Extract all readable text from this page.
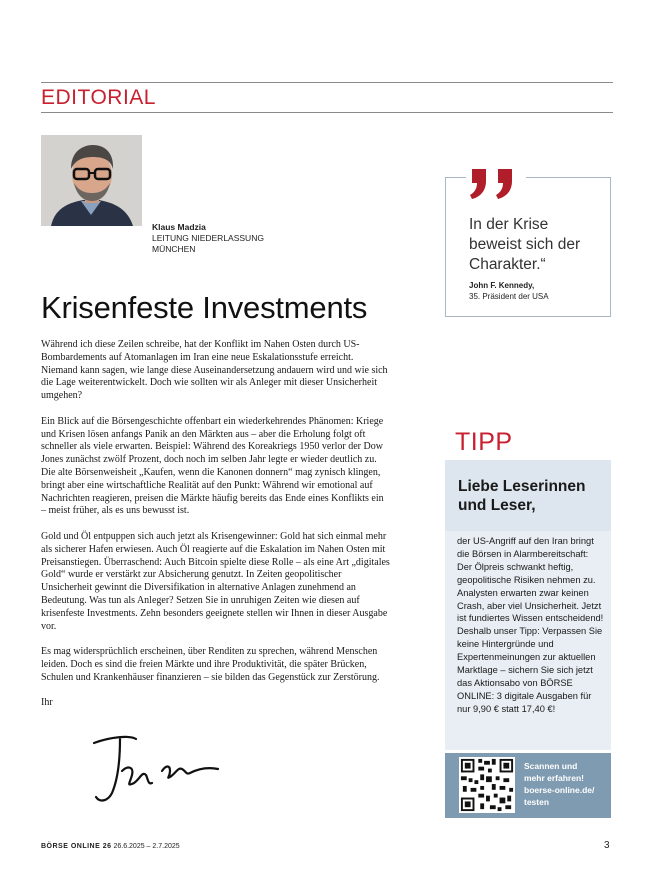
EDITORIAL
Klaus Madzia
LEITUNG NIEDERLASSUNG
MÜNCHEN
Krisenfeste Investments

Während ich diese Zeilen schreibe, hat der Konflikt im Nahen Osten durch US-Bombardements auf Atomanlagen im Iran eine neue Eskalationsstufe erreicht. Niemand kann sagen, wie lange diese Auseinandersetzung andauern wird und wie sich die Lage weiterentwickelt. Doch wie sollten wir als Anleger mit dieser Unsicherheit umgehen?

Ein Blick auf die Börsengeschichte offenbart ein wiederkehrendes Phänomen: Kriege und Krisen lösen anfangs Panik an den Märkten aus – aber die Erholung folgt oft schneller als viele erwarten. Beispiel: Während des Koreakriegs 1950 verlor der Dow Jones zunächst zwölf Prozent, doch noch im selben Jahr legte er wieder deutlich zu. Die alte Börsenweisheit „Kaufen, wenn die Kanonen donnern“ mag zynisch klingen, bringt aber eine wirtschaftliche Realität auf den Punkt: Während wir emotional auf Nachrichten reagieren, preisen die Märkte häufig bereits das Ende eines Konflikts ein – meist früher, als es uns bewusst ist.

Gold und Öl entpuppen sich auch jetzt als Krisengewinner: Gold hat sich einmal mehr als sicherer Hafen erwiesen. Auch Öl reagierte auf die Eskalation im Nahen Osten mit Preisanstiegen. Überraschend: Auch Bitcoin spielte diese Rolle – als eine Art „digitales Gold“ wurde er verstärkt zur Absicherung genutzt. In Zeiten geopolitischer Unsicherheit gewinnt die Diversifikation in alternative Anlagen zunehmend an Bedeutung. Was tun als Anleger? Setzen Sie in unruhigen Zeiten wie diesen auf krisenfeste Investments. Zehn besonders geeignete stellen wir Ihnen in dieser Ausgabe vor.

Es mag widersprüchlich erscheinen, über Renditen zu sprechen, während Menschen leiden. Doch es sind die freien Märkte und ihre Produktivität, die später Brücken, Schulen und Krankenhäuser finanzieren – sie bilden das Gegenstück zur Zerstörung.

Ihr

In der Krise beweist sich der Charakter.“
John F. Kennedy,
35. Präsident der USA
TIPP
Liebe Leserinnen und Leser,
der US-Angriff auf den Iran bringt die Börsen in Alarmbereitschaft: Der Ölpreis schwankt heftig, geopolitische Risiken nehmen zu. Analysten erwarten zwar keinen Crash, aber viel Unsicherheit. Jetzt ist fundiertes Wissen entscheidend! Deshalb unser Tipp: Verpassen Sie keine Hintergründe und Expertenmeinungen zur aktuellen Marktlage – sichern Sie sich jetzt das Aktionsabo von BÖRSE ONLINE: 3 digitale Ausgaben für nur 9,90 € statt 17,40 €!
Scannen und
mehr erfahren!
boerse-online.de/
testen
BÖRSE ONLINE 26 26.6.2025 – 2.7.2025	3
